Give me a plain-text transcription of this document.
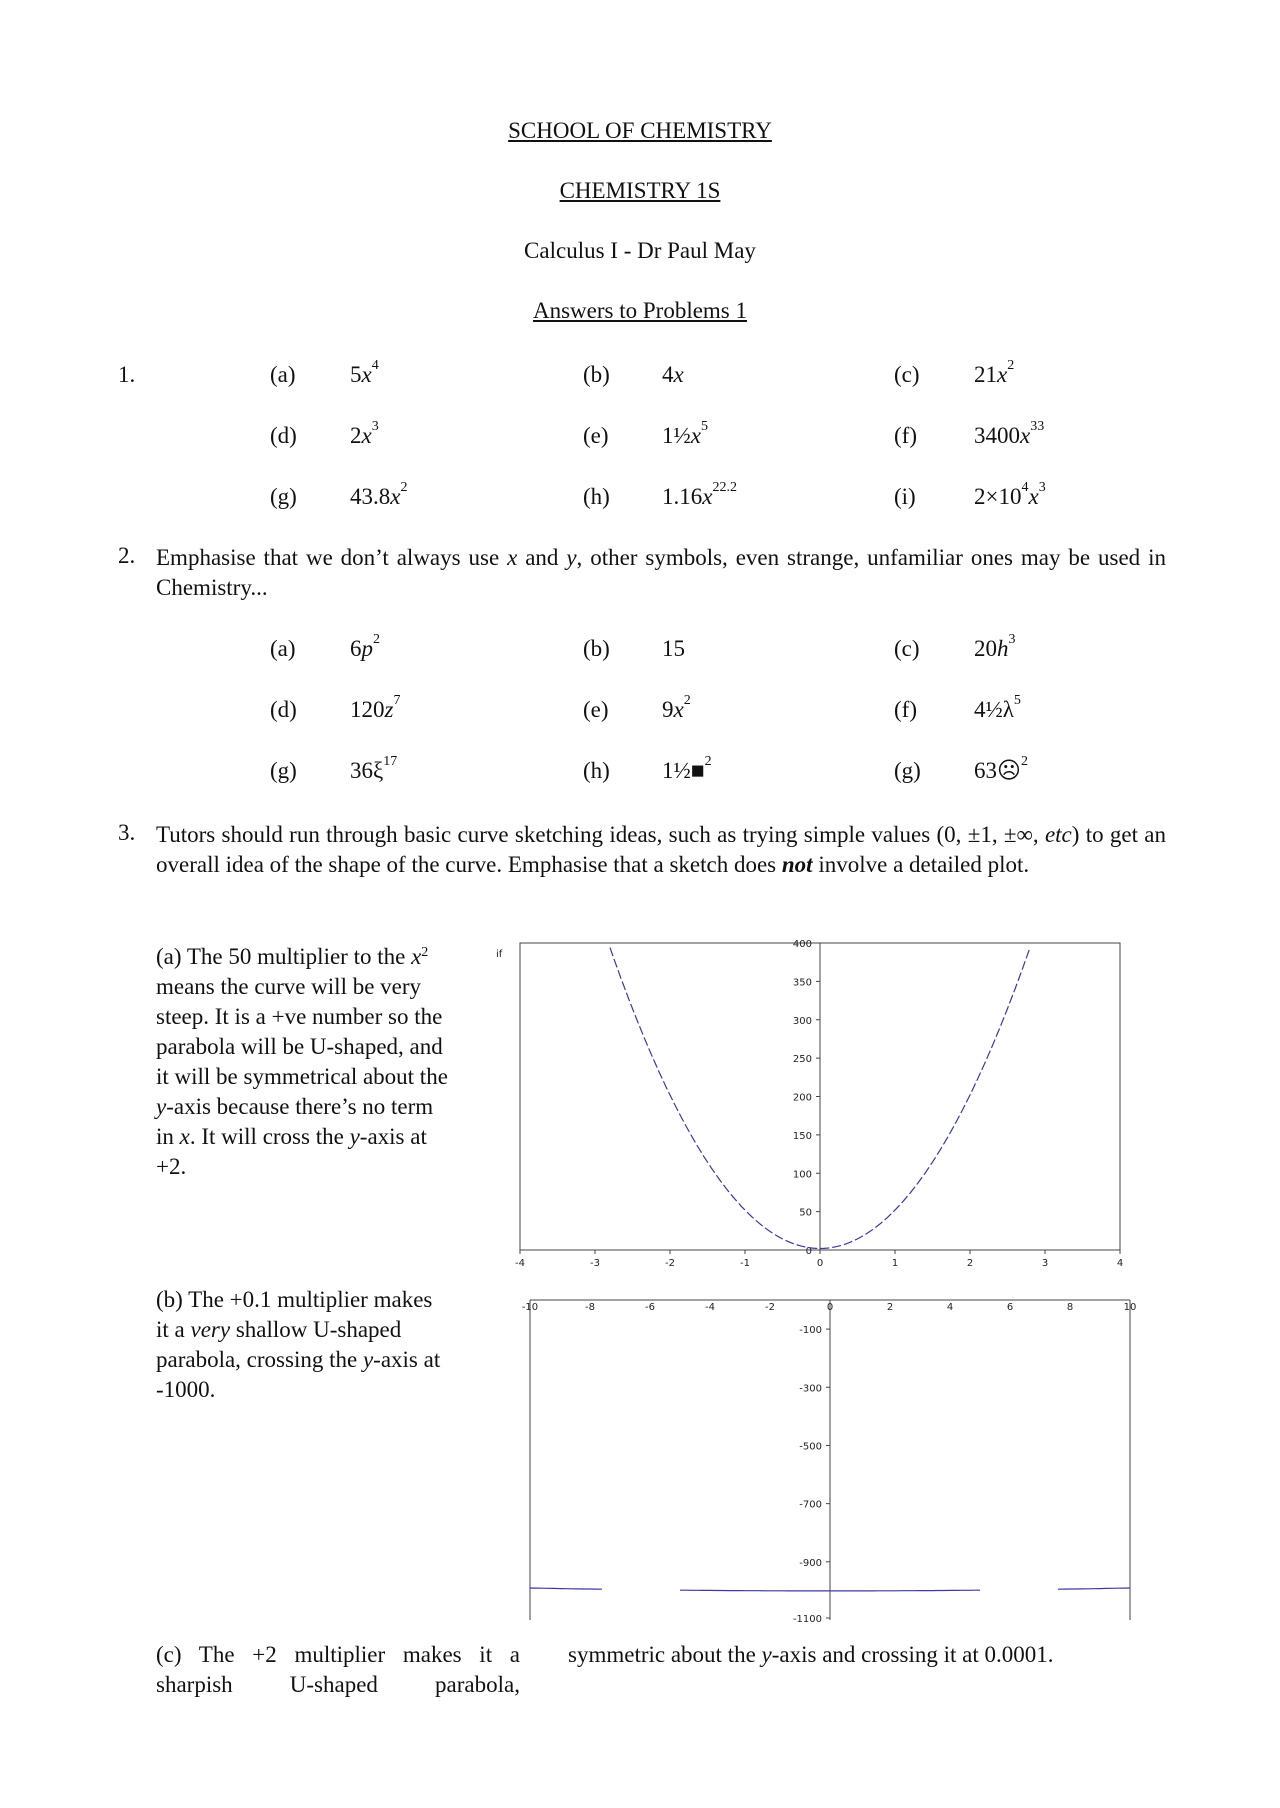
SCHOOL OF CHEMISTRY
CHEMISTRY 1S
Calculus I - Dr Paul May
Answers to Problems 1
1.	(a) $5x^4$	(b) 4x	(c) $21x^2$
(d) $2x^3$	(e) $1\frac{1}{2}x^5$	(f) $3400x^{33}$
(g) $43.8x^2$	(h) $1.16x^{22.2}$	(i)	$2\times 10^4x^3$
2. Emphasise that we don’t always use x and y, other symbols, even strange, unfamiliar ones may be used in Chemistry...
(a) $6p^2$	(b) 15	(c) $20h^3$
(d) $120z^7$	(e) $9x^2$	(f) $4\frac{1}{2}\lambda^5$
(g) $36\xi^{17}$	(h) 1½■$^2$	(g) 63☹$^2$
3. Tutors should run through basic curve sketching ideas, such as trying simple values (0, ±1, ±∞, etc) to get an overall idea of the shape of the curve. Emphasise that a sketch does not involve a detailed plot.
(a) The 50 multiplier to the $x^2$ means the curve will be very steep. It is a +ve number so the parabola will be U-shaped, and it will be symmetrical about the y-axis because there’s no term in x. It will cross the y-axis at +2.
(b) The +0.1 multiplier makes it a very shallow U-shaped parabola, crossing the y-axis at -1000.
(c) The +2 multiplier makes it a sharpish U-shaped parabola,
symmetric about the y-axis and crossing it at 0.0001.
-4	-3	-2	-1	0	1	2	3	4
0
50
100
150
200
250
300
350
400
if
-10	-8	-6	-4	-2	0	2	4	6	8	10
-100
-300
-500
-700
-900
-1100
